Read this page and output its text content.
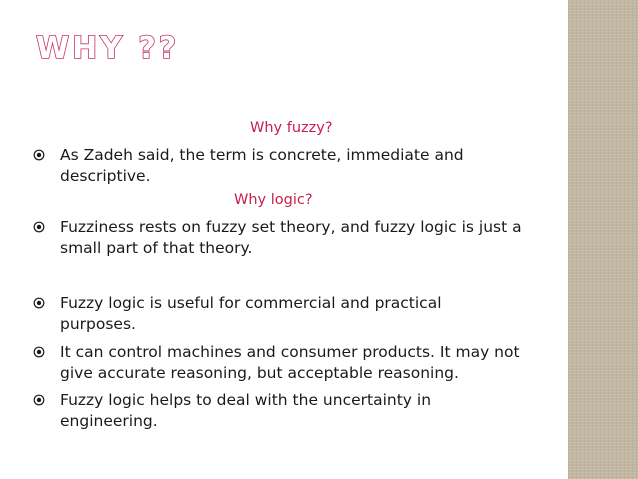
WHY ??
Why fuzzy?
As Zadeh said, the term is concrete, immediate and
descriptive.
Why logic?
Fuzziness rests on fuzzy set theory, and fuzzy logic is just a
small part of that theory.
Fuzzy logic is useful for commercial and practical
purposes.
It can control machines and consumer products. It may not
give accurate reasoning, but acceptable reasoning.
Fuzzy logic helps to deal with the uncertainty in
engineering.
